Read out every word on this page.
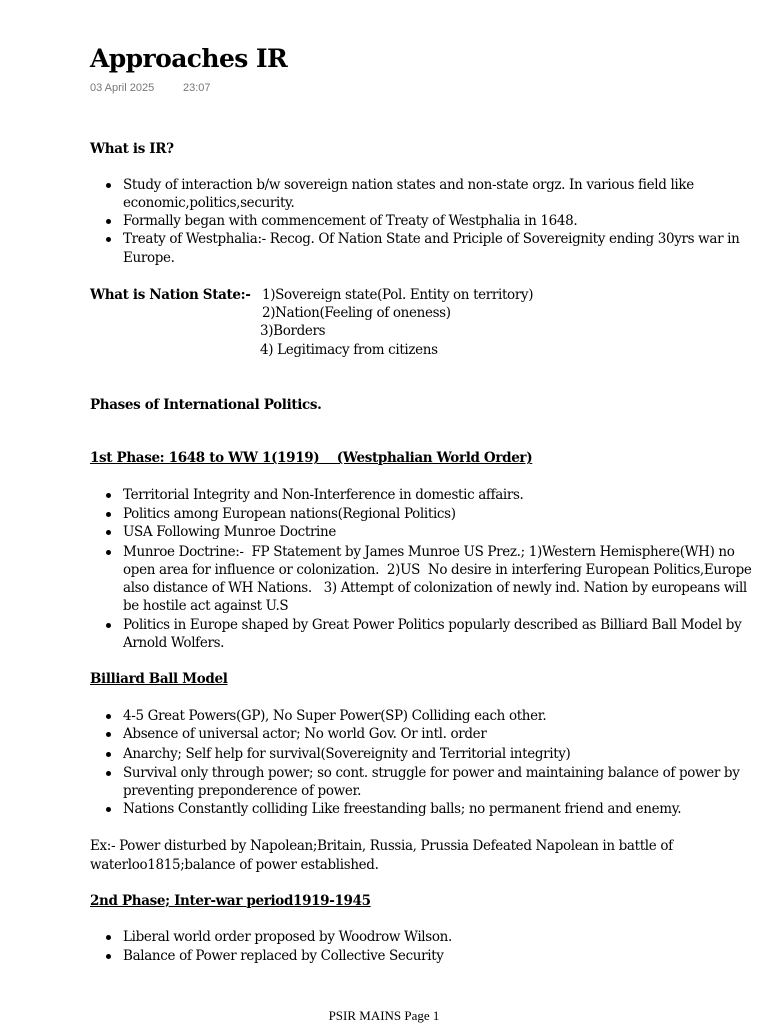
Approaches IR
03 April 2025	23:07
What is IR?
Study of interaction b/w sovereign nation states and non-state orgz. In various field like
economic,politics,security.
Formally began with commencement of Treaty of Westphalia in 1648.
Treaty of Westphalia:- Recog. Of Nation State and Priciple of Sovereignity ending 30yrs war in
Europe.
What is Nation State:- 1)Sovereign state(Pol. Entity on territory)
2)Nation(Feeling of oneness)
3)Borders
4) Legitimacy from citizens
Phases of International Politics.
1st Phase: 1648 to WW 1(1919)    (Westphalian World Order)
Territorial Integrity and Non-Interference in domestic affairs.
Politics among European nations(Regional Politics)
USA Following Munroe Doctrine
Munroe Doctrine:-  FP Statement by James Munroe US Prez.; 1)Western Hemisphere(WH) no
open area for influence or colonization.  2)US  No desire in interfering European Politics,Europe
also distance of WH Nations.   3) Attempt of colonization of newly ind. Nation by europeans will
be hostile act against U.S
Politics in Europe shaped by Great Power Politics popularly described as Billiard Ball Model by
Arnold Wolfers.
Billiard Ball Model
4-5 Great Powers(GP), No Super Power(SP) Colliding each other.
Absence of universal actor; No world Gov. Or intl. order
Anarchy; Self help for survival(Sovereignity and Territorial integrity)
Survival only through power; so cont. struggle for power and maintaining balance of power by
preventing preponderence of power.
Nations Constantly colliding Like freestanding balls; no permanent friend and enemy.
Ex:- Power disturbed by Napolean;Britain, Russia, Prussia Defeated Napolean in battle of
waterloo1815;balance of power established.
2nd Phase; Inter-war period1919-1945
Liberal world order proposed by Woodrow Wilson.
Balance of Power replaced by Collective Security
PSIR MAINS Page 1
